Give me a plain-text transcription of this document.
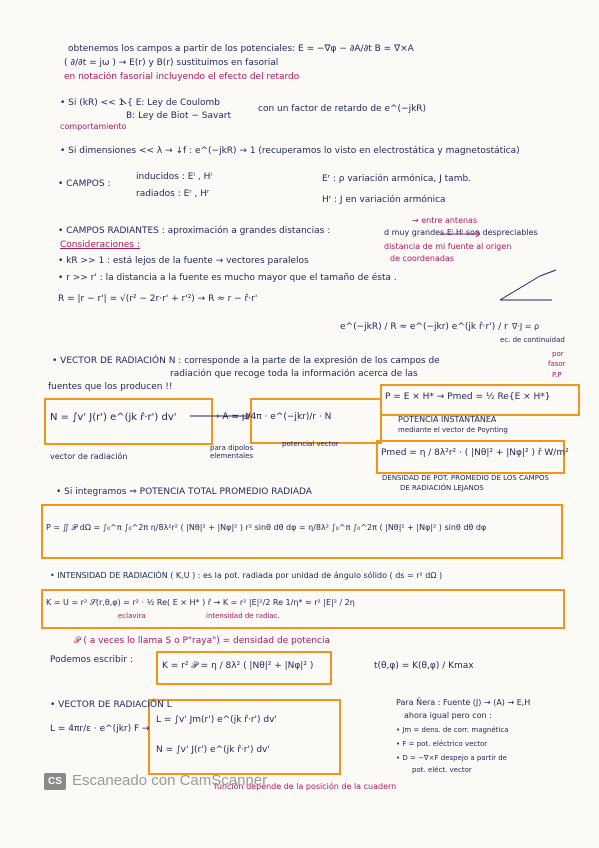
obtenemos los campos a partir de los potenciales: E = −∇φ − ∂A/∂t B = ∇×A
( ∂/∂t = jω ) → E(r) y B(r) sustituimos en fasorial
en notación fasorial incluyendo el efecto del retardo
• Si (kR) << 1 { E: Ley de Coulomb
B: Ley de Biot − Savart
con un factor de retardo de e^(−jkR)
comportamiento
• Si dimensiones << λ → ↓f : e^(−jkR) → 1 (recuperamos lo visto en electrostática y magnetostática)
• CAMPOS :
inducidos : Eⁱ , Hⁱ
radiados : Eʳ , Hʳ
Eʳ : ρ variación armónica, J tamb.
Hʳ : J en variación armónica
• CAMPOS RADIANTES : aproximación a grandes distancias :
→ entre antenas
d muy grandes Eⁱ Hⁱ son despreciables
distancia de mi fuente al origen
de coordenadas
Consideraciones :
• kR >> 1 : está lejos de la fuente → vectores paralelos
• r >> r' : la distancia a la fuente es mucho mayor que el tamaño de ésta .
R = |r − r'| = √(r² − 2r·r' + r'²) → R ≈ r − r̂·r'
e^(−jkR) / R ≈ e^(−jkr) e^(jk r̂·r') / r ∇·J = ρ
ec. de continuidad
• VECTOR DE RADIACIÓN N : corresponde a la parte de la expresión de los campos de
radiación que recoge toda la información acerca de las
fuentes que los producen !!
por
fasor
P.P
N = ∫v' J(r') e^(jk r̂·r') dv'	→ A = μ/4π · e^(−jkr)/r · N
P = E × H* → Pmed = ½ Re{E × H*}
POTENCIA INSTANTÁNEA
mediante el vector de Poynting
vector de radiación
para dipolos elementales
potencial vector
Pmed = η / 8λ²r² · ( |Nθ|² + |Nφ|² ) r̂ W/m²
DENSIDAD DE POT. PROMEDIO DE LOS CAMPOS
DE RADIACIÓN LEJANOS
• Si integramos ⇒ POTENCIA TOTAL PROMEDIO RADIADA
P = ∬ 𝒫 dΩ = ∫₀^π ∫₀^2π η/8λ²r² ( |Nθ|² + |Nφ|² ) r² sinθ dθ dφ = η/8λ² ∫₀^π ∫₀^2π ( |Nθ|² + |Nφ|² ) sinθ dθ dφ
• INTENSIDAD DE RADIACIÓN ( K,U ) : es la pot. radiada por unidad de ángulo sólido ( ds = r² dΩ )
K = U = r² 𝒮(r,θ,φ) = r² · ½ Re( E × H* ) r̂ → K = r² |E|²/2 Re 1/η* ≈ r² |E|² / 2η
eclavira	intensidad de radiac.
𝒫 ( a veces lo llama S o P"raya") = densidad de potencia
Podemos escribir :
K = r² 𝒫 = η / 8λ² ( |Nθ|² + |Nφ|² )	t(θ,φ) = K(θ,φ) / Kmax
• VECTOR DE RADIACIÓN L
L = 4πr/ε · e^(jkr) F →
L = ∫v' Jm(r') e^(jk r̂·r') dv'
N = ∫v' J(r') e^(jk r̂·r') dv'
Para N̄era : Fuente (J) → (A) → E,H
ahora igual pero con :
• Jm = dens. de corr. magnética
• F = pot. eléctrico vector
• D = −∇×F despejo a partir de
pot. eléct. vector
función depende de la posición de la cuadern
CS Escaneado con CamScanner
